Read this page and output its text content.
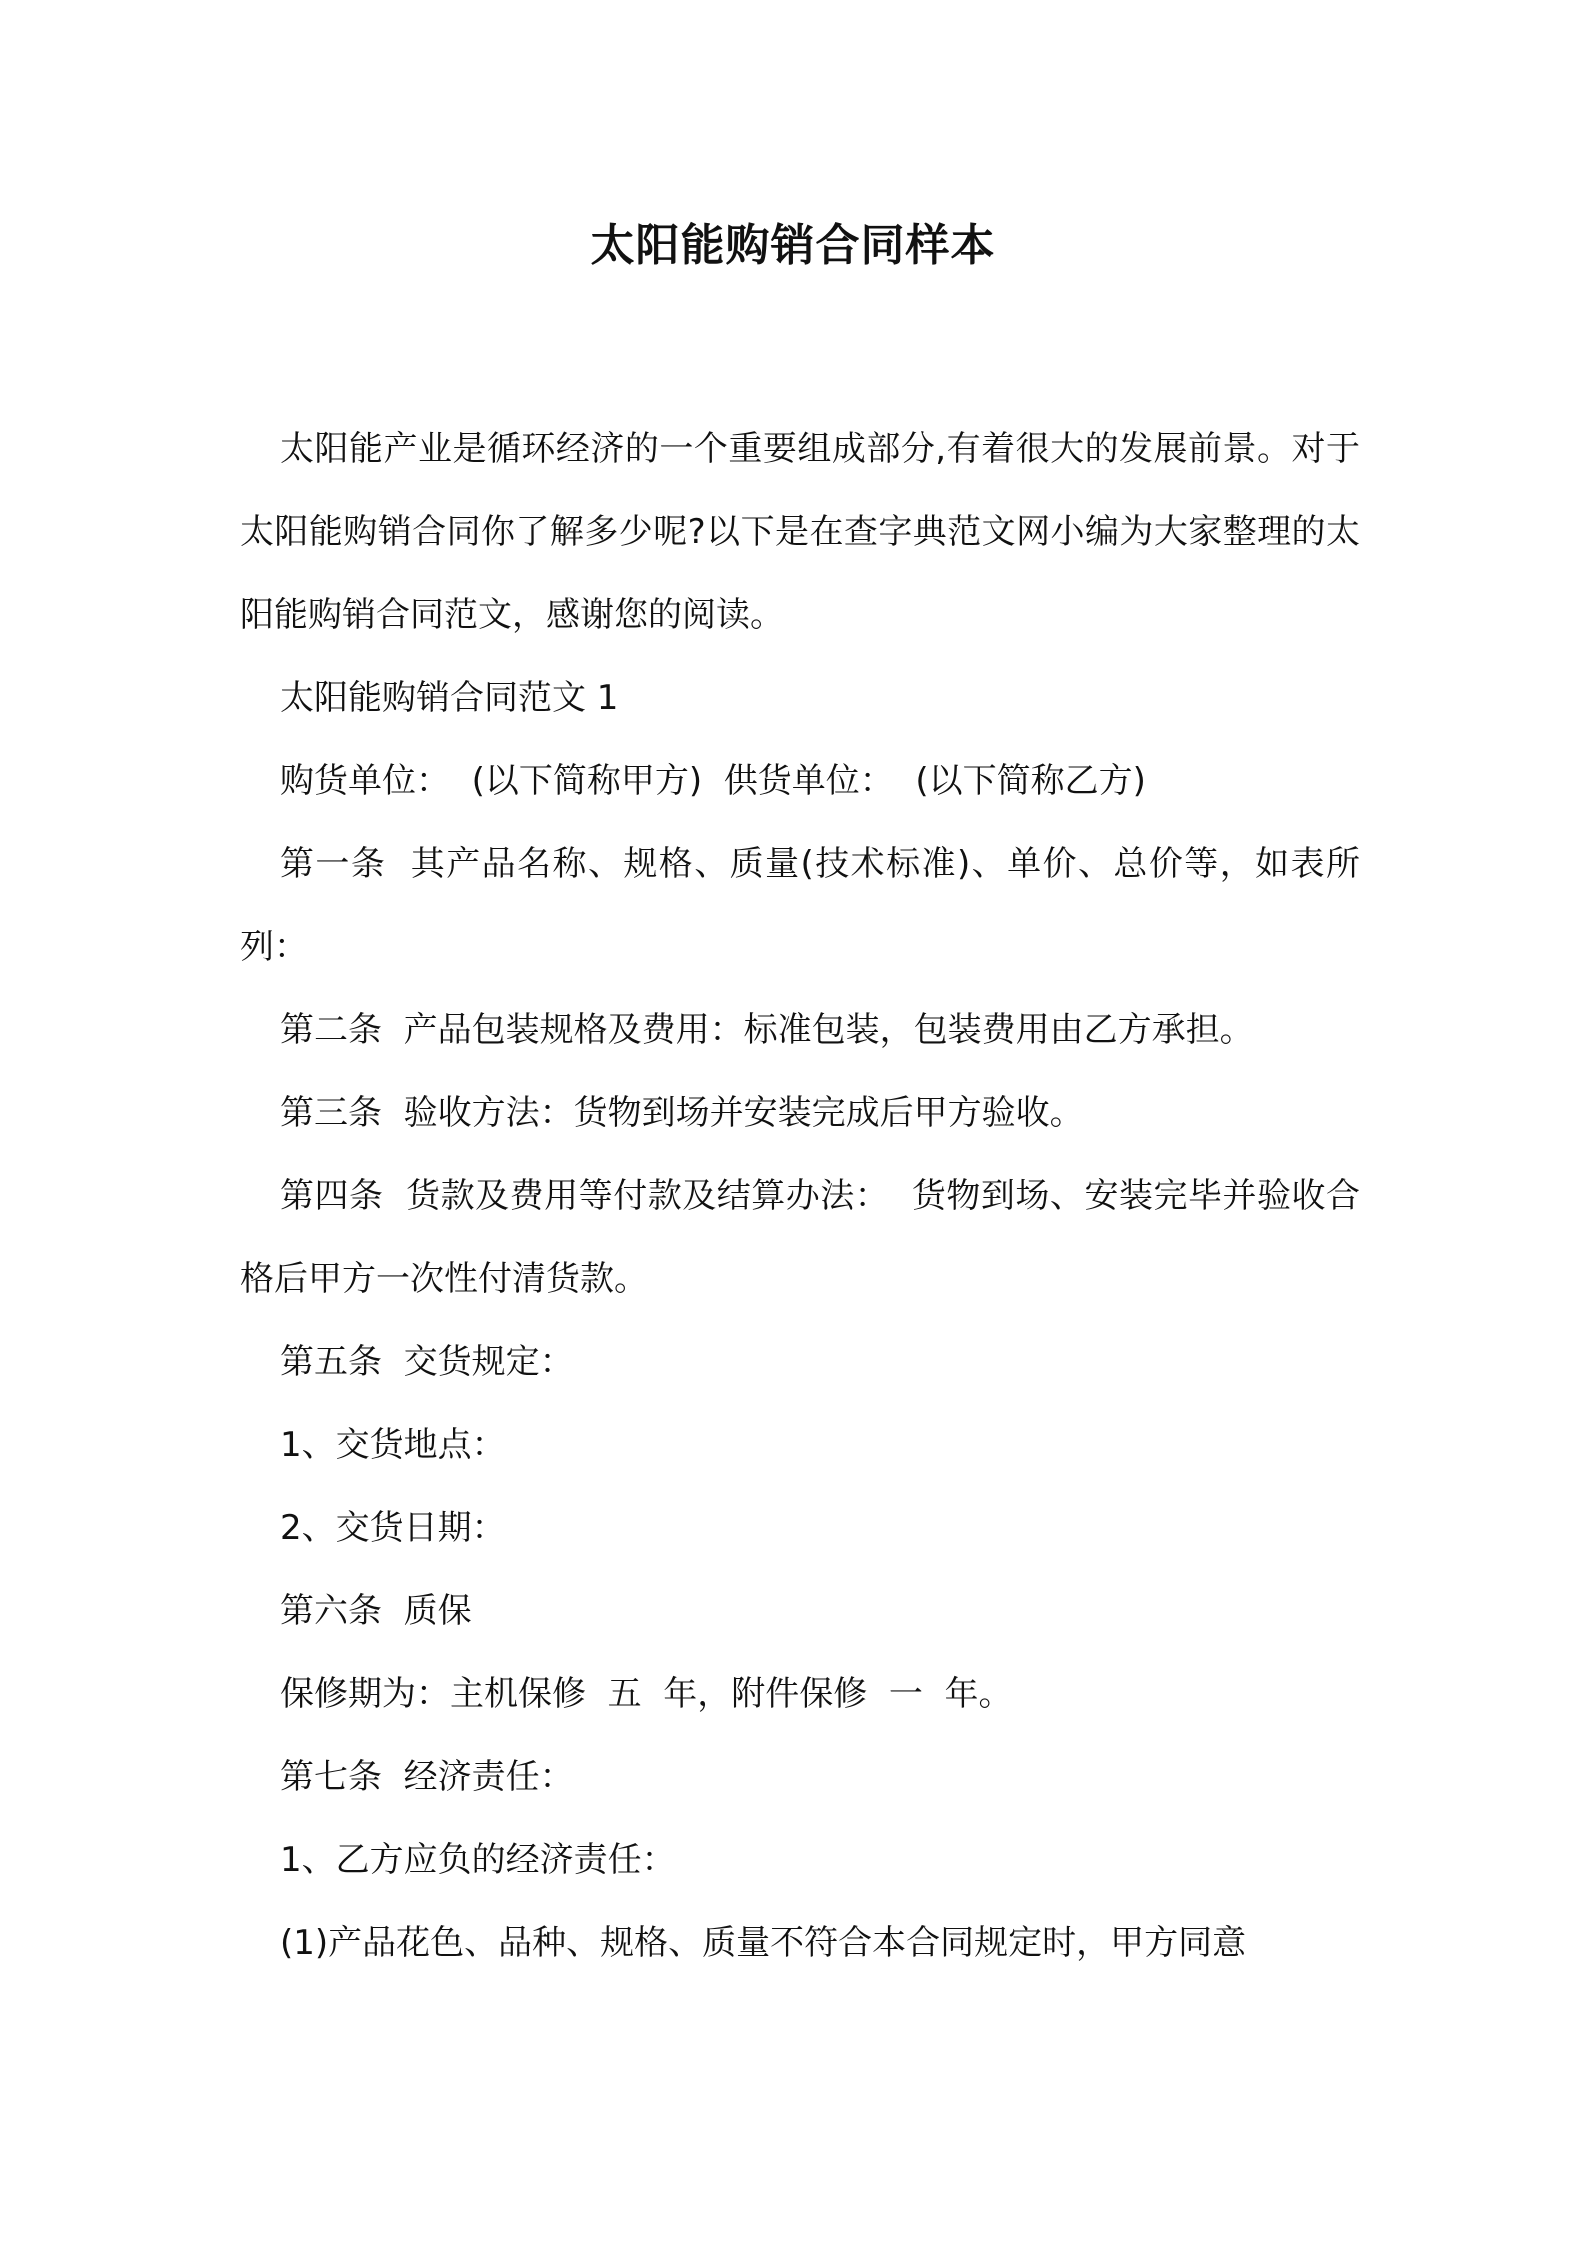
太阳能购销合同样本

太阳能产业是循环经济的一个重要组成部分,有着很大的发展前景。对于太阳能购销合同你了解多少呢?以下是在查字典范文网小编为大家整理的太阳能购销合同范文，感谢您的阅读。

太阳能购销合同范文 1

购货单位：  (以下简称甲方)  供货单位：  (以下简称乙方)

第一条  其产品名称、规格、质量(技术标准)、单价、总价等，如表所列：

第二条  产品包装规格及费用：标准包装，包装费用由乙方承担。

第三条  验收方法：货物到场并安装完成后甲方验收。

第四条  货款及费用等付款及结算办法：  货物到场、安装完毕并验收合格后甲方一次性付清货款。

第五条  交货规定：

1、交货地点：

2、交货日期：

第六条  质保

保修期为：主机保修  五  年，附件保修  一  年。

第七条  经济责任：

1、乙方应负的经济责任：

(1)产品花色、品种、规格、质量不符合本合同规定时，甲方同意
